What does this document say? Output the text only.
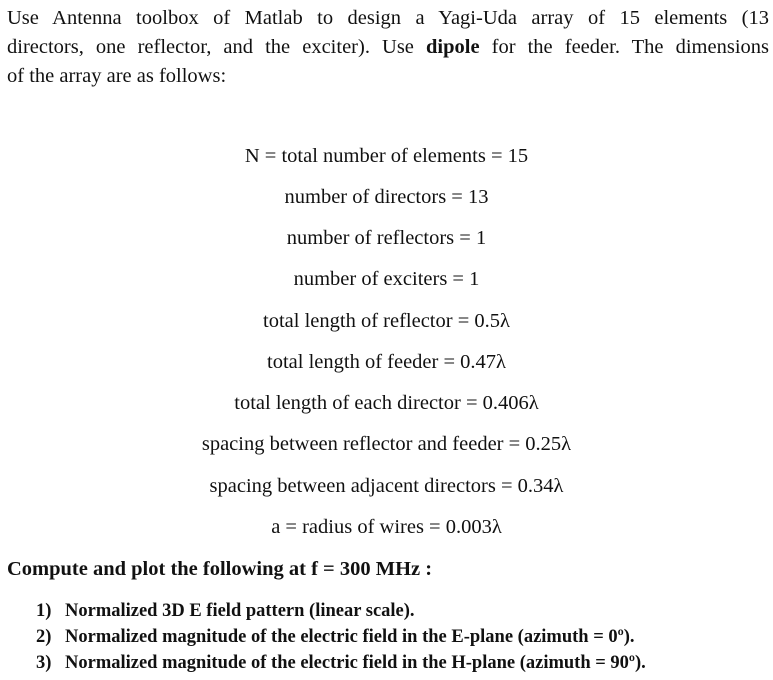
Use Antenna toolbox of Matlab to design a Yagi-Uda array of 15 elements (13
directors, one reflector, and the exciter). Use dipole for the feeder. The dimensions
of the array are as follows:
N = total number of elements = 15
number of directors = 13
number of reflectors = 1
number of exciters = 1
total length of reflector = 0.5λ
total length of feeder = 0.47λ
total length of each director = 0.406λ
spacing between reflector and feeder = 0.25λ
spacing between adjacent directors = 0.34λ
a = radius of wires = 0.003λ
Compute and plot the following at f = 300 MHz :
1) Normalized 3D E field pattern (linear scale).
2) Normalized magnitude of the electric field in the E-plane (azimuth = 0º).
3) Normalized magnitude of the electric field in the H-plane (azimuth = 90º).
